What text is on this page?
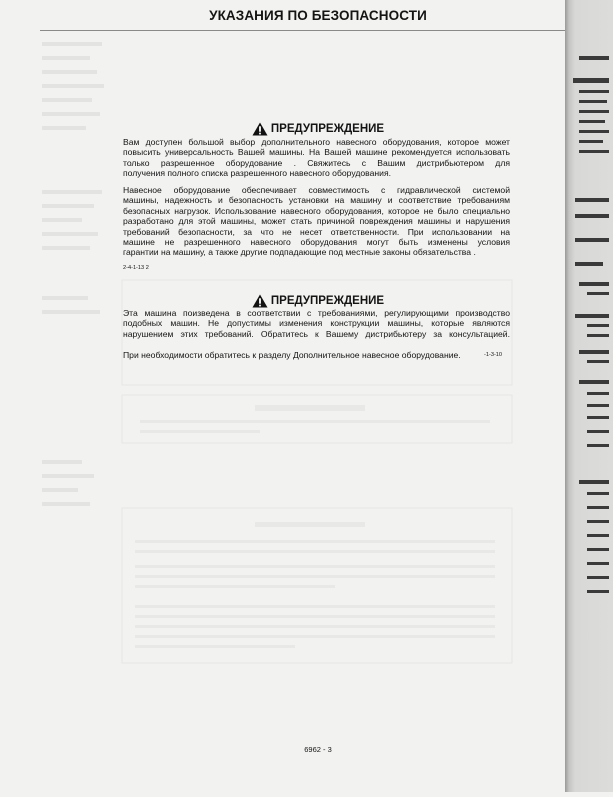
УКАЗАНИЯ ПО БЕЗОПАСНОСТИ
ПРЕДУПРЕЖДЕНИЕ
Вам доступен большой выбор дополнительного навесного оборудования, которое может
повысить универсальность Вашей машины. На Вашей машине рекомендуется использовать
только разрешенное оборудование . Свяжитесь с Вашим дистрибьютером для
получения полного списка разрешенного навесного оборудования.
Навесное оборудование обеспечивает совместимость с гидравлической системой
машины, надежность и безопасность установки на машину и соответствие требованиям
безопасных нагрузок. Использование навесного оборудования, которое не было специально
разработано для этой машины, может стать причиной повреждения машины и нарушения
требований безопасности, за что не несет ответственности. При использовании на
машине не разрешенного навесного оборудования могут быть изменены условия
гарантии на машину, а также другие подпадающие под местные законы обязательства .
2-4-1-13 2
ПРЕДУПРЕЖДЕНИЕ
Эта машина поизведена в соответствии с требованиями, регулирующими производство
подобных машин. Не допустимы изменения конструкции машины, которые являются
нарушением этих требований. Обратитесь к Вашему дистрибьютеру за консультацией.
При необходимости обратитесь к разделу Дополнительное навесное оборудование.	-1-3-10
6962 - 3
